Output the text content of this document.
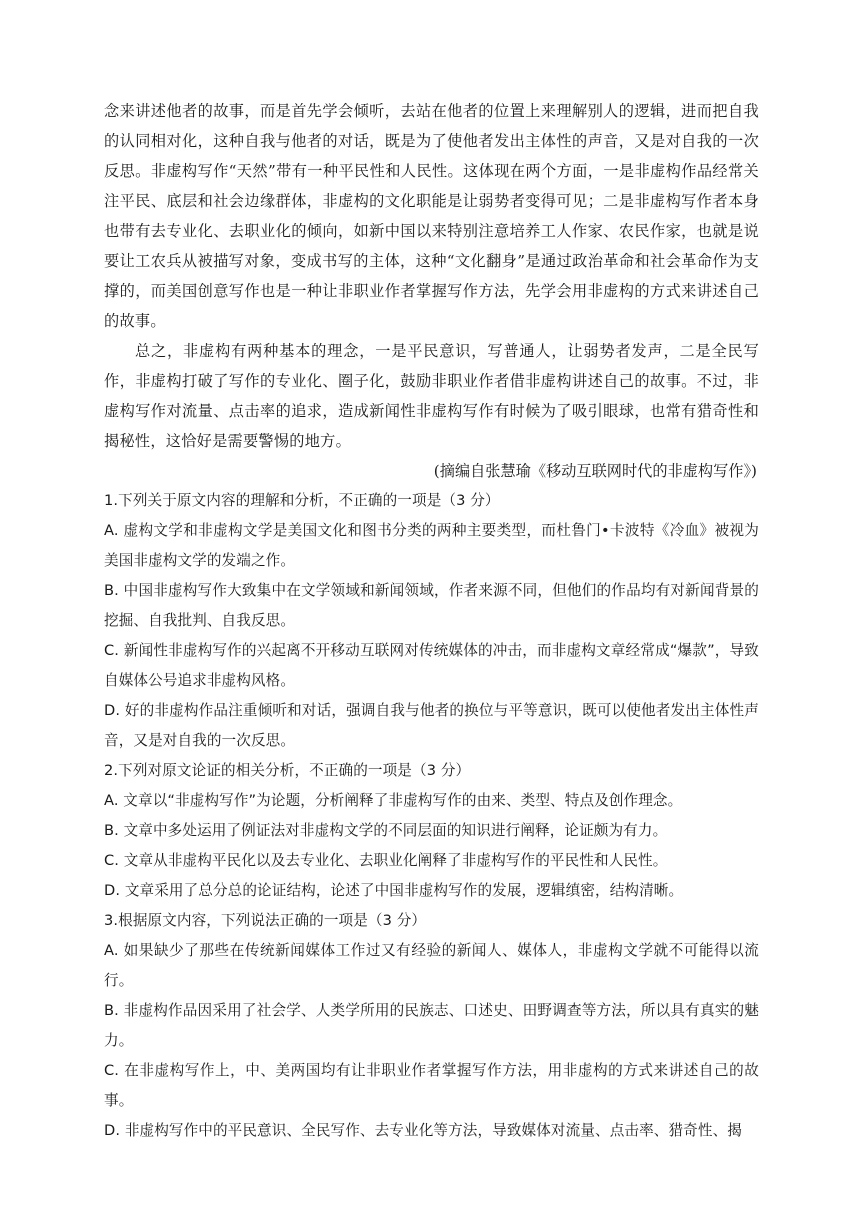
念来讲述他者的故事，而是首先学会倾听，去站在他者的位置上来理解别人的逻辑，进而把自我的认同相对化，这种自我与他者的对话，既是为了使他者发出主体性的声音，又是对自我的一次反思。非虚构写作“天然”带有一种平民性和人民性。这体现在两个方面，一是非虚构作品经常关注平民、底层和社会边缘群体，非虚构的文化职能是让弱势者变得可见；二是非虚构写作者本身也带有去专业化、去职业化的倾向，如新中国以来特别注意培养工人作家、农民作家，也就是说要让工农兵从被描写对象，变成书写的主体，这种“文化翻身”是通过政治革命和社会革命作为支撑的，而美国创意写作也是一种让非职业作者掌握写作方法，先学会用非虚构的方式来讲述自己的故事。

总之，非虚构有两种基本的理念，一是平民意识，写普通人，让弱势者发声，二是全民写作，非虚构打破了写作的专业化、圈子化，鼓励非职业作者借非虚构讲述自己的故事。不过，非虚构写作对流量、点击率的追求，造成新闻性非虚构写作有时候为了吸引眼球，也常有猎奇性和揭秘性，这恰好是需要警惕的地方。

(摘编自张慧瑜《移动互联网时代的非虚构写作》)

1.下列关于原文内容的理解和分析，不正确的一项是（3 分）

A. 虚构文学和非虚构文学是美国文化和图书分类的两种主要类型，而杜鲁门•卡波特《冷血》被视为美国非虚构文学的发端之作。

B. 中国非虚构写作大致集中在文学领域和新闻领域，作者来源不同，但他们的作品均有对新闻背景的挖掘、自我批判、自我反思。

C. 新闻性非虚构写作的兴起离不开移动互联网对传统媒体的冲击，而非虚构文章经常成“爆款”，导致自媒体公号追求非虚构风格。

D. 好的非虚构作品注重倾听和对话，强调自我与他者的换位与平等意识，既可以使他者发出主体性声音，又是对自我的一次反思。

2.下列对原文论证的相关分析，不正确的一项是（3 分）

A. 文章以“非虚构写作”为论题，分析阐释了非虚构写作的由来、类型、特点及创作理念。

B. 文章中多处运用了例证法对非虚构文学的不同层面的知识进行阐释，论证颇为有力。

C. 文章从非虚构平民化以及去专业化、去职业化阐释了非虚构写作的平民性和人民性。

D. 文章采用了总分总的论证结构，论述了中国非虚构写作的发展，逻辑缜密，结构清晰。

3.根据原文内容，下列说法正确的一项是（3 分）

A. 如果缺少了那些在传统新闻媒体工作过又有经验的新闻人、媒体人，非虚构文学就不可能得以流行。

B. 非虚构作品因采用了社会学、人类学所用的民族志、口述史、田野调查等方法，所以具有真实的魅力。

C. 在非虚构写作上，中、美两国均有让非职业作者掌握写作方法，用非虚构的方式来讲述自己的故事。

D. 非虚构写作中的平民意识、全民写作、去专业化等方法，导致媒体对流量、点击率、猎奇性、揭
